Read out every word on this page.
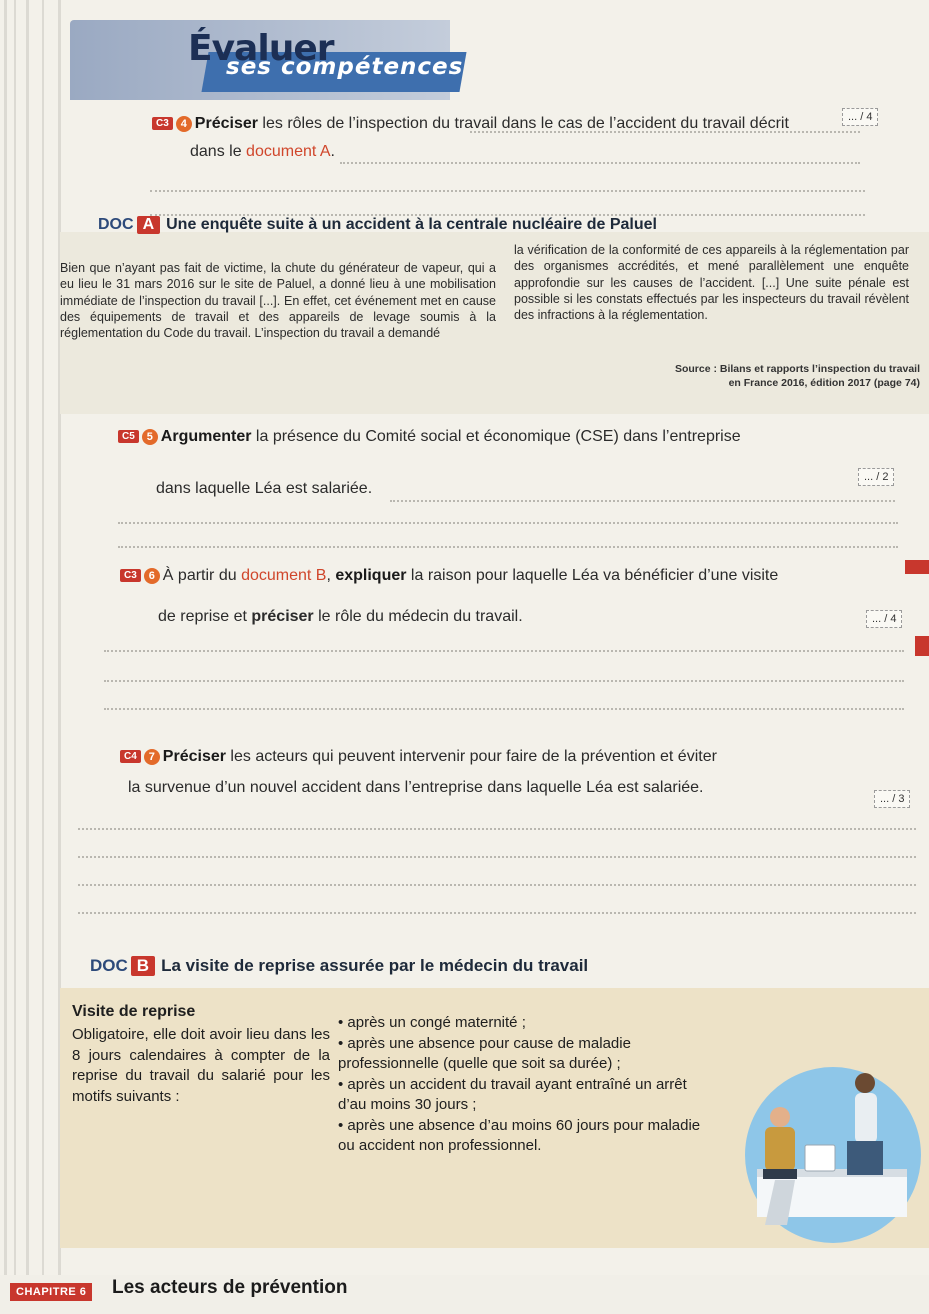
Évaluer
ses compétences
C3 4 Préciser les rôles de l’inspection du travail dans le cas de l’accident du travail décrit
dans le document A.
... / 4
DOC A Une enquête suite à un accident à la centrale nucléaire de Paluel
Bien que n’ayant pas fait de victime, la chute du générateur de vapeur, qui a eu lieu le 31 mars 2016 sur le site de Paluel, a donné lieu à une mobilisation immédiate de l’inspection du travail [...]. En effet, cet événement met en cause des équipements de travail et des appareils de levage soumis à la réglementation du Code du travail. L’inspection du travail a demandé
la vérification de la conformité de ces appareils à la réglementation par des organismes accrédités, et mené parallèlement une enquête approfondie sur les causes de l’accident. [...] Une suite pénale est possible si les constats effectués par les inspecteurs du travail révèlent des infractions à la réglementation.
Source : Bilans et rapports l’inspection du travail
en France 2016, édition 2017 (page 74)
C5 5 Argumenter la présence du Comité social et économique (CSE) dans l’entreprise
dans laquelle Léa est salariée.
... / 2
C3 6 À partir du document B, expliquer la raison pour laquelle Léa va bénéficier d’une visite
de reprise et préciser le rôle du médecin du travail.	... / 4
C4 7 Préciser les acteurs qui peuvent intervenir pour faire de la prévention et éviter
la survenue d’un nouvel accident dans l’entreprise dans laquelle Léa est salariée.
... / 3
DOC B La visite de reprise assurée par le médecin du travail
Visite de reprise
Obligatoire, elle doit avoir lieu dans les 8 jours calendaires à compter de la reprise du travail du salarié pour les motifs suivants :
• après un congé maternité ;
• après une absence pour cause de maladie professionnelle (quelle que soit sa durée) ;
• après un accident du travail ayant entraîné un arrêt d’au moins 30 jours ;
• après une absence d’au moins 60 jours pour maladie ou accident non professionnel.
CHAPITRE 6	Les acteurs de prévention
